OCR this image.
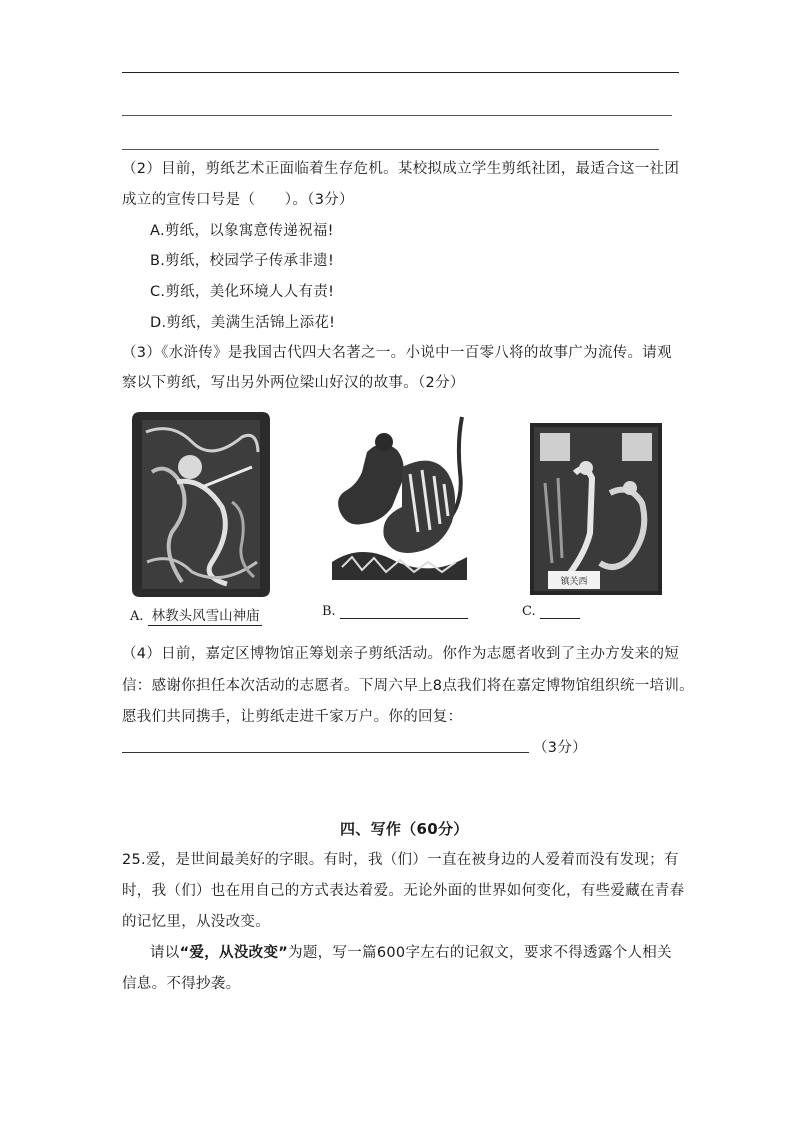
（2）目前，剪纸艺术正面临着生存危机。某校拟成立学生剪纸社团，最适合这一社团
成立的宣传口号是（　　）。（3分）
A.剪纸，以象寓意传递祝福!
B.剪纸，校园学子传承非遗!
C.剪纸，美化环境人人有责!
D.剪纸，美满生活锦上添花!
（3）《水浒传》是我国古代四大名著之一。小说中一百零八将的故事广为流传。请观
察以下剪纸，写出另外两位梁山好汉的故事。（2分）
镇关西
A. 林教头风雪山神庙	B.	C.
（4）日前，嘉定区博物馆正筹划亲子剪纸活动。你作为志愿者收到了主办方发来的短
信：感谢你担任本次活动的志愿者。下周六早上8点我们将在嘉定博物馆组织统一培训。
愿我们共同携手，让剪纸走进千家万户。你的回复：
（3分）
四、写作（60分）
25.爱，是世间最美好的字眼。有时，我（们）一直在被身边的人爱着而没有发现；有
时，我（们）也在用自己的方式表达着爱。无论外面的世界如何变化，有些爱藏在青春
的记忆里，从没改变。
请以“爱，从没改变”为题，写一篇600字左右的记叙文，要求不得透露个人相关
信息。不得抄袭。
